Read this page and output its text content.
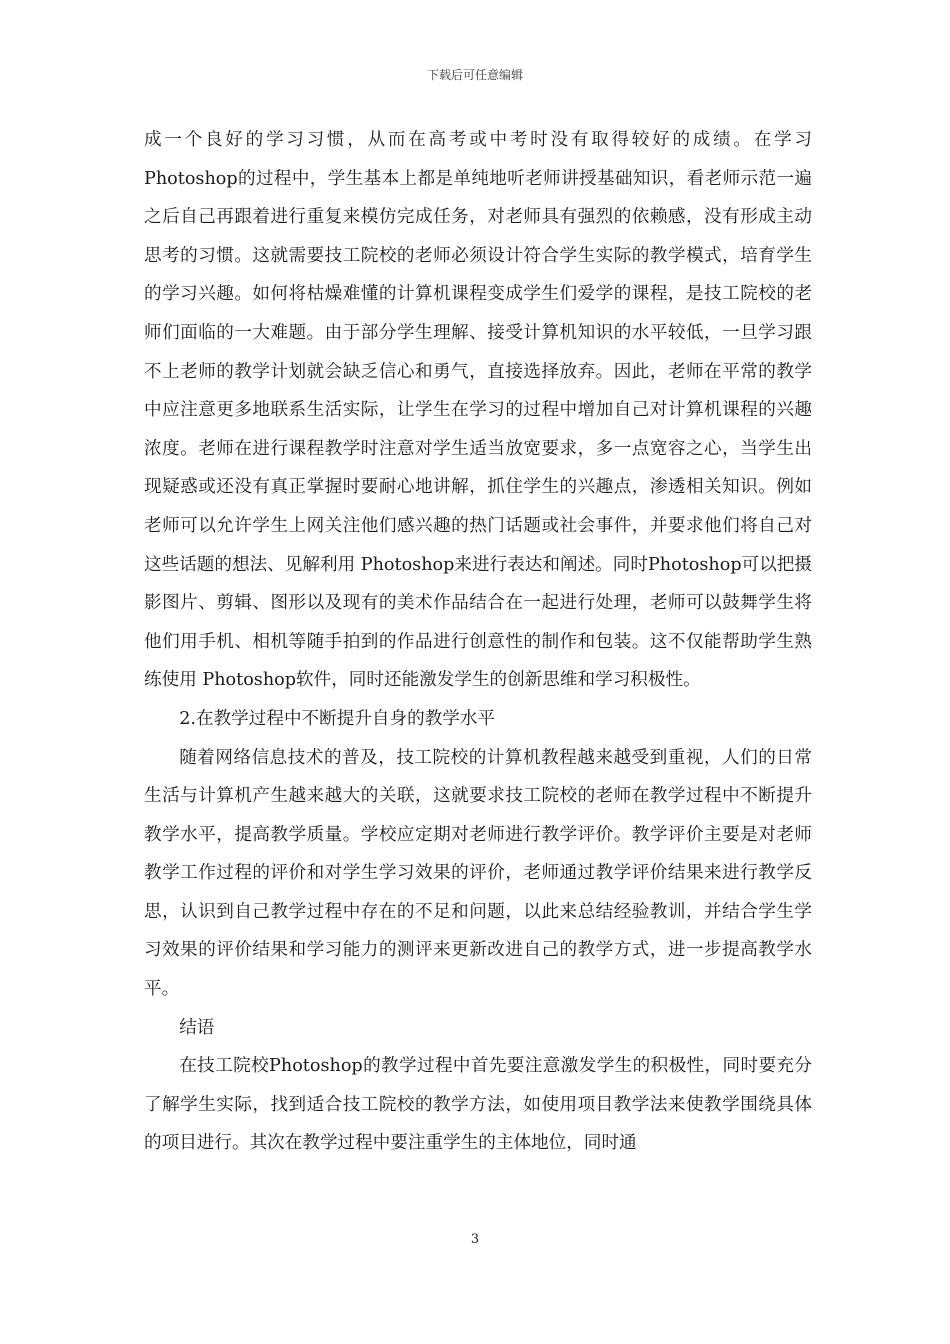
下载后可任意编辑

成一个良好的学习习惯，从而在高考或中考时没有取得较好的成绩。在学习Photoshop的过程中，学生基本上都是单纯地听老师讲授基础知识，看老师示范一遍之后自己再跟着进行重复来模仿完成任务，对老师具有强烈的依赖感，没有形成主动思考的习惯。这就需要技工院校的老师必须设计符合学生实际的教学模式，培育学生的学习兴趣。如何将枯燥难懂的计算机课程变成学生们爱学的课程，是技工院校的老师们面临的一大难题。由于部分学生理解、接受计算机知识的水平较低，一旦学习跟不上老师的教学计划就会缺乏信心和勇气，直接选择放弃。因此，老师在平常的教学中应注意更多地联系生活实际，让学生在学习的过程中增加自己对计算机课程的兴趣浓度。老师在进行课程教学时注意对学生适当放宽要求，多一点宽容之心，当学生出现疑惑或还没有真正掌握时要耐心地讲解，抓住学生的兴趣点，渗透相关知识。例如老师可以允许学生上网关注他们感兴趣的热门话题或社会事件，并要求他们将自己对这些话题的想法、见解利用 Photoshop来进行表达和阐述。同时Photoshop可以把摄影图片、剪辑、图形以及现有的美术作品结合在一起进行处理，老师可以鼓舞学生将他们用手机、相机等随手拍到的作品进行创意性的制作和包装。这不仅能帮助学生熟练使用 Photoshop软件，同时还能激发学生的创新思维和学习积极性。

2.在教学过程中不断提升自身的教学水平

随着网络信息技术的普及，技工院校的计算机教程越来越受到重视，人们的日常生活与计算机产生越来越大的关联，这就要求技工院校的老师在教学过程中不断提升教学水平，提高教学质量。学校应定期对老师进行教学评价。教学评价主要是对老师教学工作过程的评价和对学生学习效果的评价，老师通过教学评价结果来进行教学反思，认识到自己教学过程中存在的不足和问题，以此来总结经验教训，并结合学生学习效果的评价结果和学习能力的测评来更新改进自己的教学方式，进一步提高教学水平。

结语

在技工院校Photoshop的教学过程中首先要注意激发学生的积极性，同时要充分了解学生实际，找到适合技工院校的教学方法，如使用项目教学法来使教学围绕具体的项目进行。其次在教学过程中要注重学生的主体地位，同时通

3
